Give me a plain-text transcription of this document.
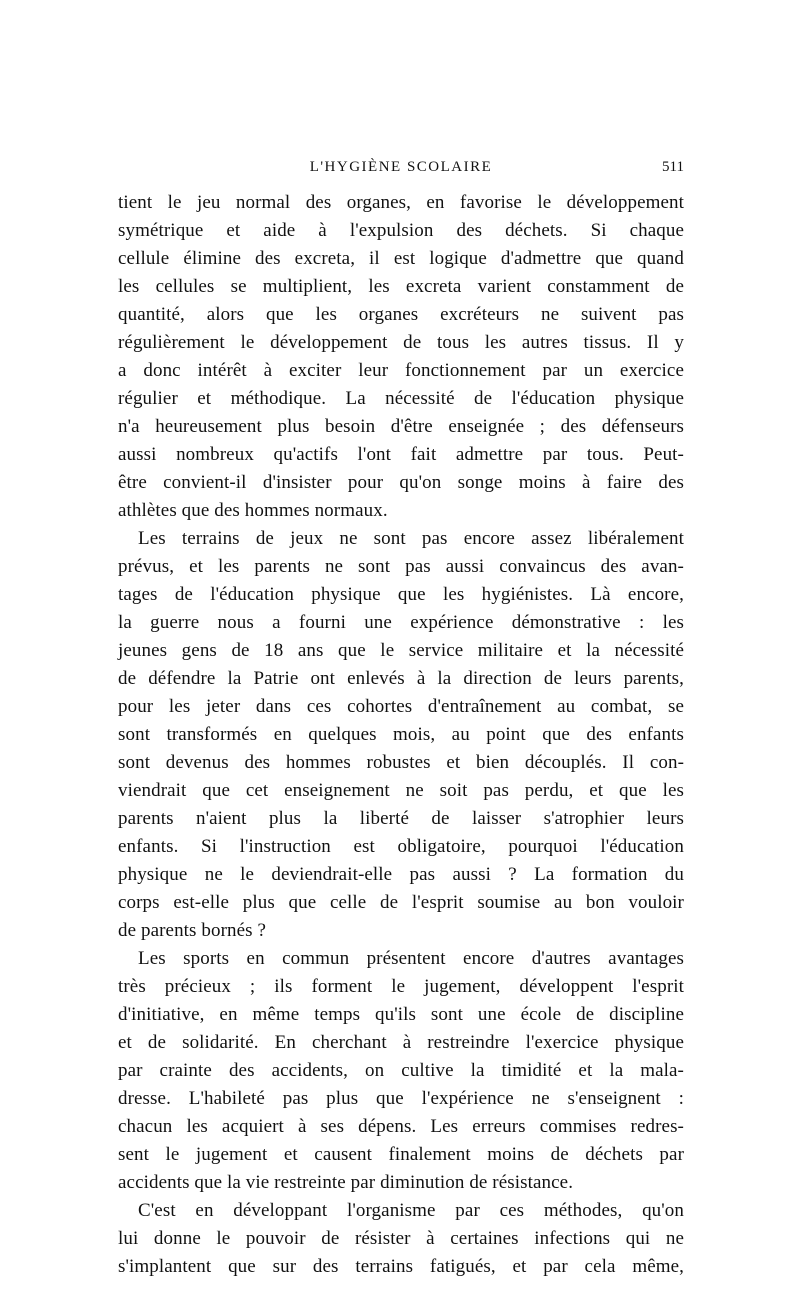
L'HYGIÈNE SCOLAIRE	511
tient le jeu normal des organes, en favorise le développement
symétrique et aide à l'expulsion des déchets. Si chaque
cellule élimine des excreta, il est logique d'admettre que quand
les cellules se multiplient, les excreta varient constamment de
quantité, alors que les organes excréteurs ne suivent pas
régulièrement le développement de tous les autres tissus. Il y
a donc intérêt à exciter leur fonctionnement par un exercice
régulier et méthodique. La nécessité de l'éducation physique
n'a heureusement plus besoin d'être enseignée ; des défenseurs
aussi nombreux qu'actifs l'ont fait admettre par tous. Peut-
être convient-il d'insister pour qu'on songe moins à faire des
athlètes que des hommes normaux.
Les terrains de jeux ne sont pas encore assez libéralement
prévus, et les parents ne sont pas aussi convaincus des avan-
tages de l'éducation physique que les hygiénistes. Là encore,
la guerre nous a fourni une expérience démonstrative : les
jeunes gens de 18 ans que le service militaire et la nécessité
de défendre la Patrie ont enlevés à la direction de leurs parents,
pour les jeter dans ces cohortes d'entraînement au combat, se
sont transformés en quelques mois, au point que des enfants
sont devenus des hommes robustes et bien découplés. Il con-
viendrait que cet enseignement ne soit pas perdu, et que les
parents n'aient plus la liberté de laisser s'atrophier leurs
enfants. Si l'instruction est obligatoire, pourquoi l'éducation
physique ne le deviendrait-elle pas aussi ? La formation du
corps est-elle plus que celle de l'esprit soumise au bon vouloir
de parents bornés ?
Les sports en commun présentent encore d'autres avantages
très précieux ; ils forment le jugement, développent l'esprit
d'initiative, en même temps qu'ils sont une école de discipline
et de solidarité. En cherchant à restreindre l'exercice physique
par crainte des accidents, on cultive la timidité et la mala-
dresse. L'habileté pas plus que l'expérience ne s'enseignent :
chacun les acquiert à ses dépens. Les erreurs commises redres-
sent le jugement et causent finalement moins de déchets par
accidents que la vie restreinte par diminution de résistance.
C'est en développant l'organisme par ces méthodes, qu'on
lui donne le pouvoir de résister à certaines infections qui ne
s'implantent que sur des terrains fatigués, et par cela même,
